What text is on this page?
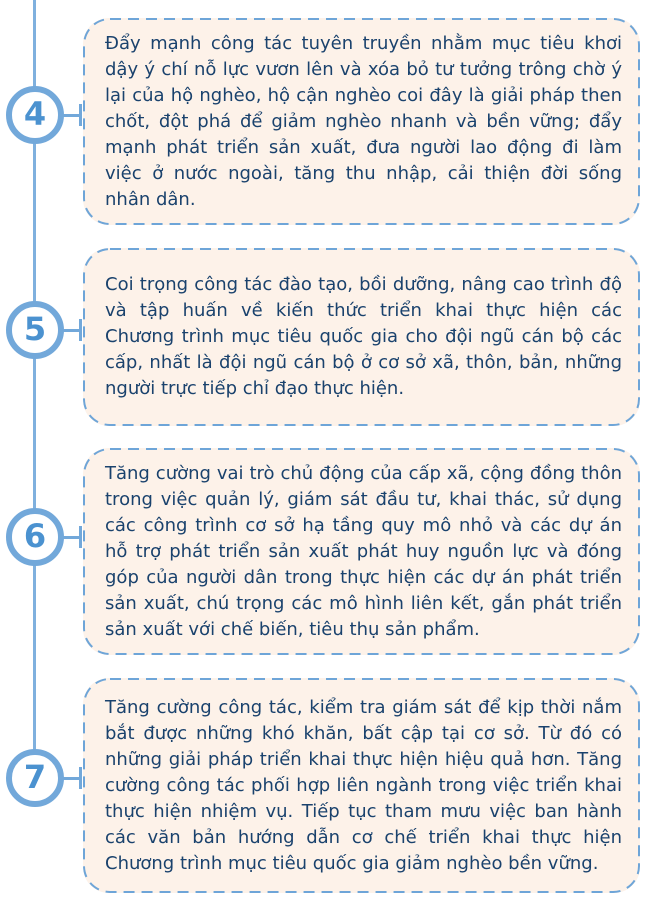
4

Đẩy mạnh công tác tuyên truyền nhằm mục tiêu khơi dậy ý chí nỗ lực vươn lên và xóa bỏ tư tưởng trông chờ ý lại của hộ nghèo, hộ cận nghèo coi đây là giải pháp then chốt, đột phá để giảm nghèo nhanh và bền vững; đẩy mạnh phát triển sản xuất, đưa người lao động đi làm việc ở nước ngoài, tăng thu nhập, cải thiện đời sống nhân dân.

5

Coi trọng công tác đào tạo, bồi dưỡng, nâng cao trình độ và tập huấn về kiến thức triển khai thực hiện các Chương trình mục tiêu quốc gia cho đội ngũ cán bộ các cấp, nhất là đội ngũ cán bộ ở cơ sở xã, thôn, bản, những người trực tiếp chỉ đạo thực hiện.

6

Tăng cường vai trò chủ động của cấp xã, cộng đồng thôn trong việc quản lý, giám sát đầu tư, khai thác, sử dụng các công trình cơ sở hạ tầng quy mô nhỏ và các dự án hỗ trợ phát triển sản xuất phát huy nguồn lực và đóng góp của người dân trong thực hiện các dự án phát triển sản xuất, chú trọng các mô hình liên kết, gắn phát triển sản xuất với chế biến, tiêu thụ sản phẩm.

7

Tăng cường công tác, kiểm tra giám sát để kịp thời nắm bắt được những khó khăn, bất cập tại cơ sở. Từ đó có những giải pháp triển khai thực hiện hiệu quả hơn. Tăng cường công tác phối hợp liên ngành trong việc triển khai thực hiện nhiệm vụ. Tiếp tục tham mưu việc ban hành các văn bản hướng dẫn cơ chế triển khai thực hiện Chương trình mục tiêu quốc gia giảm nghèo bền vững.
